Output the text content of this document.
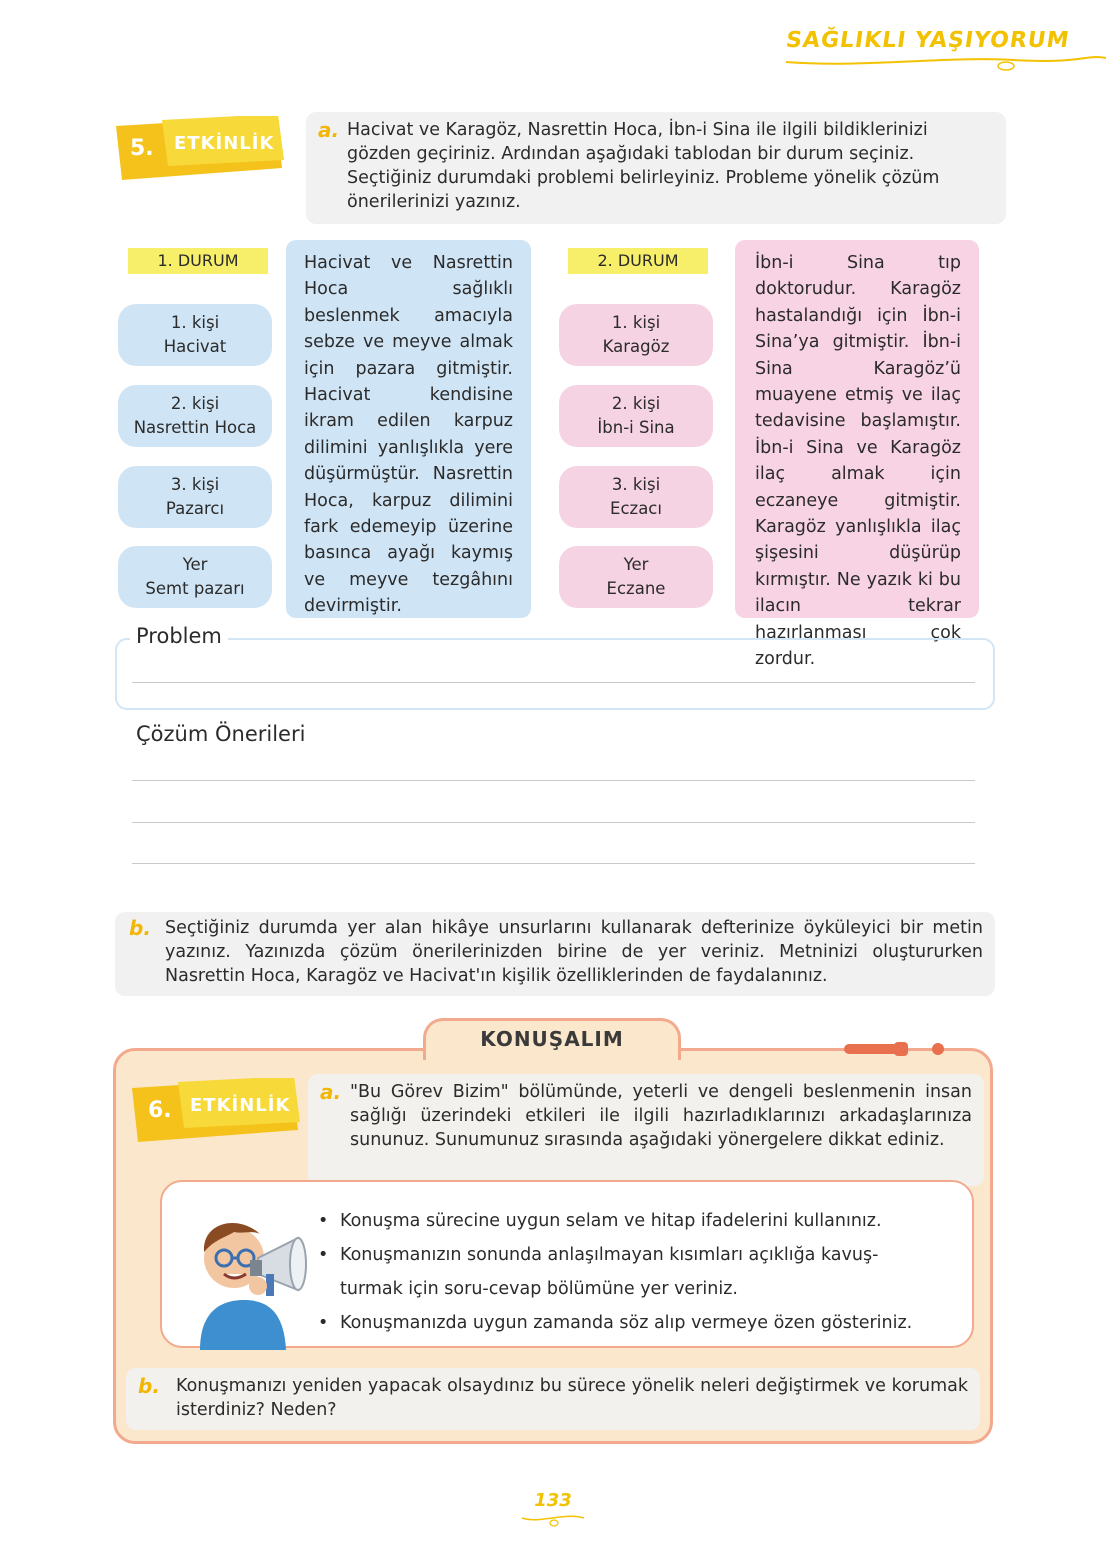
SAĞLIKLI YAŞIYORUM
5. ETKİNLİK
a. Hacivat ve Karagöz, Nasrettin Hoca, İbn-i Sina ile ilgili bildiklerinizi gözden geçiriniz. Ardından aşağıdaki tablodan bir durum seçiniz. Seçtiğiniz durumdaki problemi belirleyiniz. Probleme yönelik çözüm önerilerinizi yazınız.
1. DURUM
1. kişi
Hacivat
2. kişi
Nasrettin Hoca
3. kişi
Pazarcı
Yer
Semt pazarı
Hacivat ve Nasrettin Hoca sağlıklı beslenmek amacıyla sebze ve meyve almak için pazara gitmiştir. Hacivat kendisine ikram edilen karpuz dilimini yanlışlıkla yere düşürmüştür. Nasrettin Hoca, karpuz dilimini fark edemeyip üzerine basınca ayağı kaymış ve meyve tezgâhını devirmiştir.
2. DURUM
1. kişi
Karagöz
2. kişi
İbn-i Sina
3. kişi
Eczacı
Yer
Eczane
İbn-i Sina tıp doktorudur. Karagöz hastalandığı için İbn-i Sina’ya gitmiştir. İbn-i Sina Karagöz’ü muayene etmiş ve ilaç tedavisine başlamıştır. İbn-i Sina ve Karagöz ilaç almak için eczaneye gitmiştir. Karagöz yanlışlıkla ilaç şişesini düşürüp kırmıştır. Ne yazık ki bu ilacın tekrar hazırlanması çok zordur.
Problem
Çözüm Önerileri
b. Seçtiğiniz durumda yer alan hikâye unsurlarını kullanarak defterinize öyküleyici bir metin yazınız. Yazınızda çözüm önerilerinizden birine de yer veriniz. Metninizi oluştururken Nasrettin Hoca, Karagöz ve Hacivat'ın kişilik özelliklerinden de faydalanınız.
KONUŞALIM
6. ETKİNLİK
a. "Bu Görev Bizim" bölümünde, yeterli ve dengeli beslenmenin insan sağlığı üzerindeki etkileri ile ilgili hazırladıklarınızı arkadaşlarınıza sununuz. Sunumunuz sırasında aşağıdaki yönergelere dikkat ediniz.
• Konuşma sürecine uygun selam ve hitap ifadelerini kullanınız.
• Konuşmanızın sonunda anlaşılmayan kısımları açıklığa kavuş-
turmak için soru-cevap bölümüne yer veriniz.
• Konuşmanızda uygun zamanda söz alıp vermeye özen gösteriniz.
b. Konuşmanızı yeniden yapacak olsaydınız bu sürece yönelik neleri değiştirmek ve korumak isterdiniz? Neden?
133
